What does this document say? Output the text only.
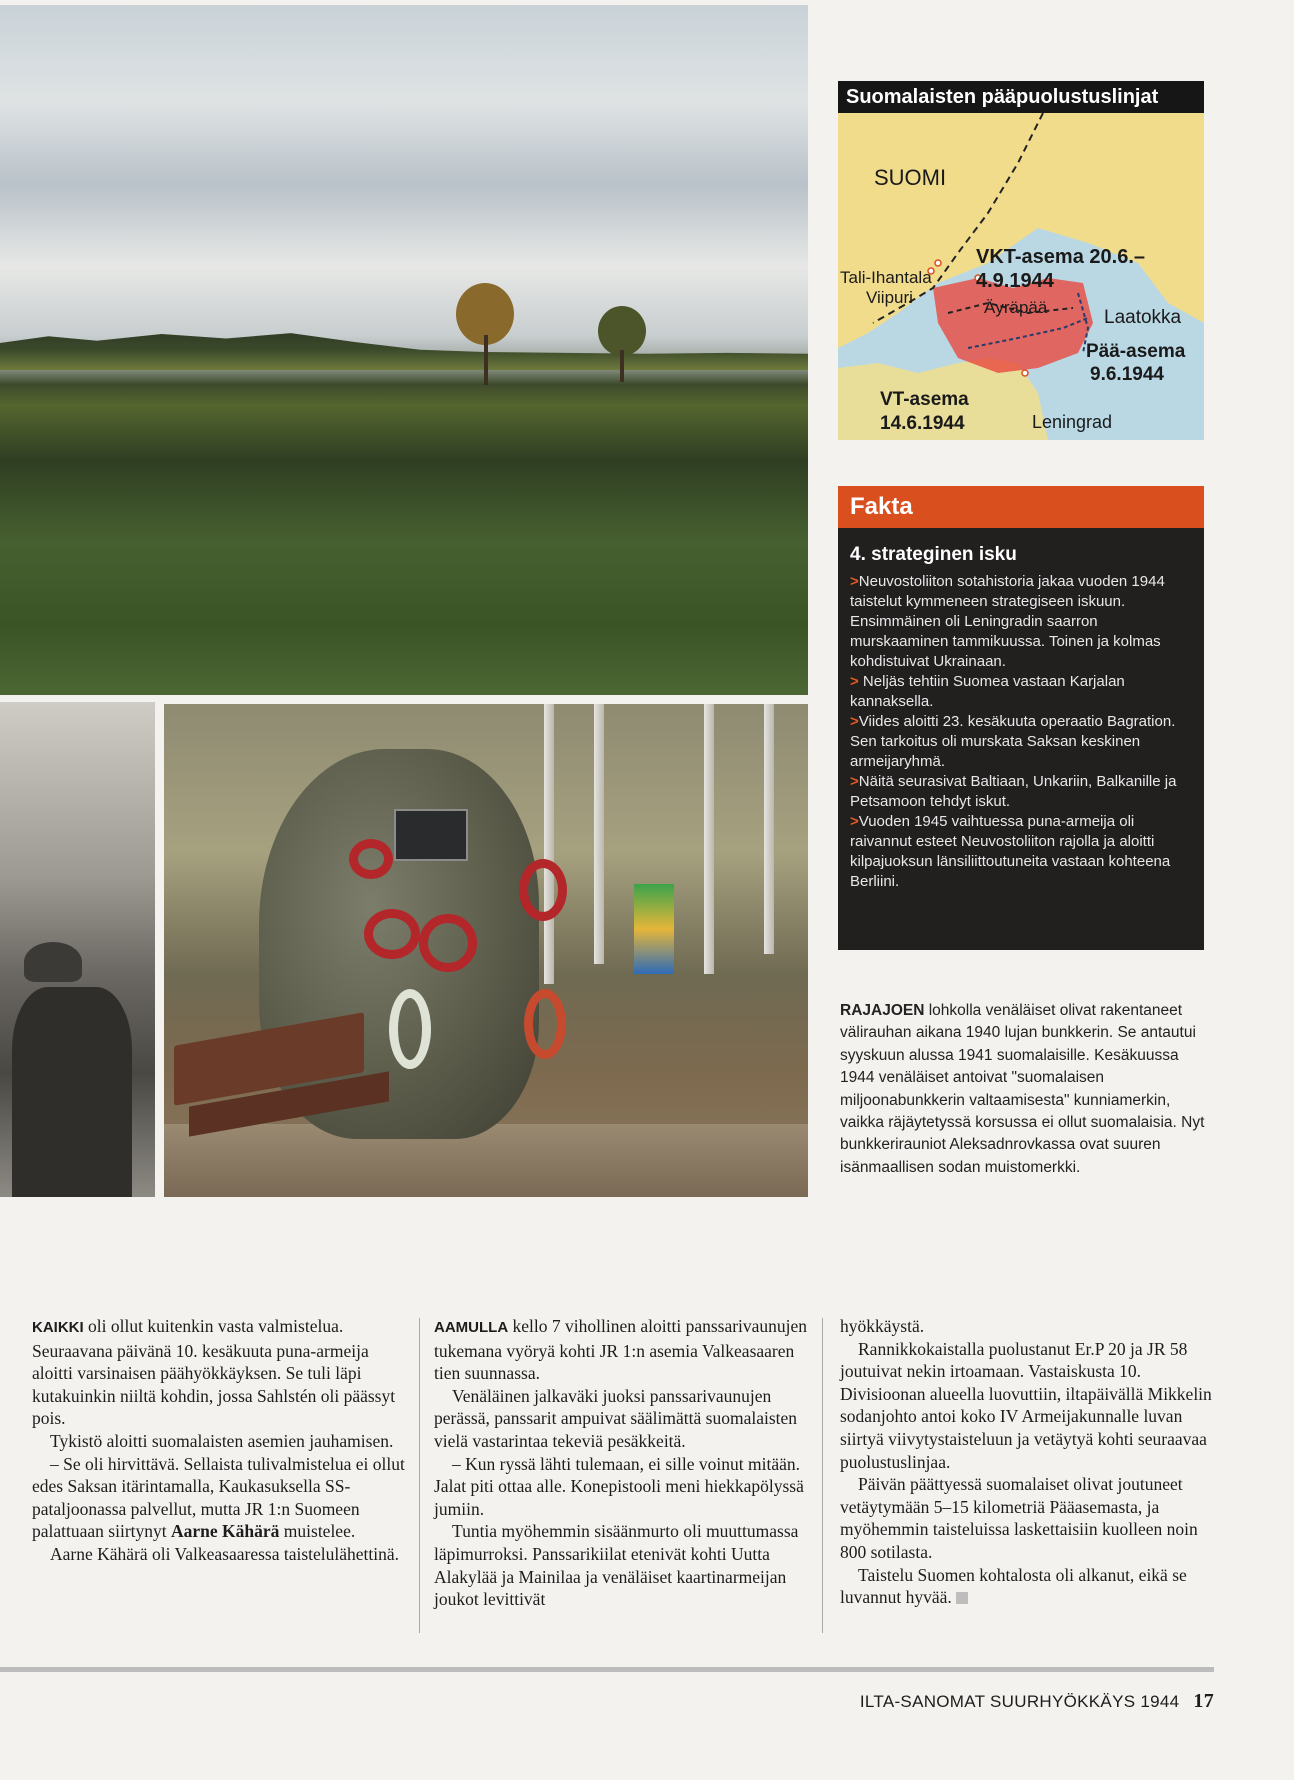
Suomalaisten pääpuolustuslinjat
SUOMI
VKT-asema 20.6.–
4.9.1944
Tali-Ihantala
Viipuri
Äyräpää	Laatokka
Pää-asema
9.6.1944
VT-asema
14.6.1944	Leningrad
Fakta
4. strateginen isku

>Neuvostoliiton sotahistoria jakaa vuoden 1944 taistelut kymmeneen strategiseen iskuun. Ensimmäinen oli Leningradin saarron murskaaminen tammikuussa. Toinen ja kolmas kohdistuivat Ukrainaan.

> Neljäs tehtiin Suomea vastaan Karjalan kannaksella.

>Viides aloitti 23. kesäkuuta operaatio Bagration. Sen tarkoitus oli murskata Saksan keskinen armeijaryhmä.

>Näitä seurasivat Baltiaan, Unkariin, Balkanille ja Petsamoon tehdyt iskut.

>Vuoden 1945 vaihtuessa puna-armeija oli raivannut esteet Neuvostoliiton rajolla ja aloitti kilpajuoksun länsiliittoutuneita vastaan kohteena Berliini.

RAJAJOEN lohkolla venäläiset olivat rakentaneet välirauhan aikana 1940 lujan bunkkerin. Se antautui syyskuun alussa 1941 suomalaisille. Kesäkuussa 1944 venäläiset antoivat "suomalaisen miljoonabunkkerin valtaamisesta" kunniamerkin, vaikka räjäytetyssä korsussa ei ollut suomalaisia. Nyt bunkkerirauniot Aleksadnrovkassa ovat suuren isänmaallisen sodan muistomerkki.

KAIKKI oli ollut kuitenkin vasta valmistelua. Seuraavana päivänä 10. kesäkuuta puna-armeija aloitti varsinaisen päähyökkäyksen. Se tuli läpi kutakuinkin niiltä kohdin, jossa Sahlstén oli päässyt pois.

Tykistö aloitti suomalaisten asemien jauhamisen.

– Se oli hirvittävä. Sellaista tulivalmistelua ei ollut edes Saksan itärintamalla, Kaukasuksella SS-pataljoonassa palvellut, mutta JR 1:n Suomeen palattuaan siirtynyt Aarne Kähärä muistelee.

Aarne Kähärä oli Valkeasaaressa taistelulähettinä.

AAMULLA kello 7 vihollinen aloitti panssarivaunujen tukemana vyöryä kohti JR 1:n asemia Valkeasaaren tien suunnassa.

Venäläinen jalkaväki juoksi panssarivaunujen perässä, panssarit ampuivat säälimättä suomalaisten vielä vastarintaa tekeviä pesäkkeitä.

– Kun ryssä lähti tulemaan, ei sille voinut mitään. Jalat piti ottaa alle. Konepistooli meni hiekkapölyssä jumiin.

Tuntia myöhemmin sisäänmurto oli muuttumassa läpimurroksi. Panssarikiilat etenivät kohti Uutta Alakylää ja Mainilaa ja venäläiset kaartinarmeijan joukot levittivät

hyökkäystä.

Rannikkokaistalla puolustanut Er.P 20 ja JR 58 joutuivat nekin irtoamaan. Vastaiskusta 10. Divisioonan alueella luovuttiin, iltapäivällä Mikkelin sodanjohto antoi koko IV Armeijakunnalle luvan siirtyä viivytystaisteluun ja vetäytyä kohti seuraavaa puolustuslinjaa.

Päivän päättyessä suomalaiset olivat joutuneet vetäytymään 5–15 kilometriä Pääasemasta, ja myöhemmin taisteluissa laskettaisiin kuolleen noin 800 sotilasta.

Taistelu Suomen kohtalosta oli alkanut, eikä se luvannut hyvää.

ILTA-SANOMAT SUURHYÖKKÄYS 1944 17
